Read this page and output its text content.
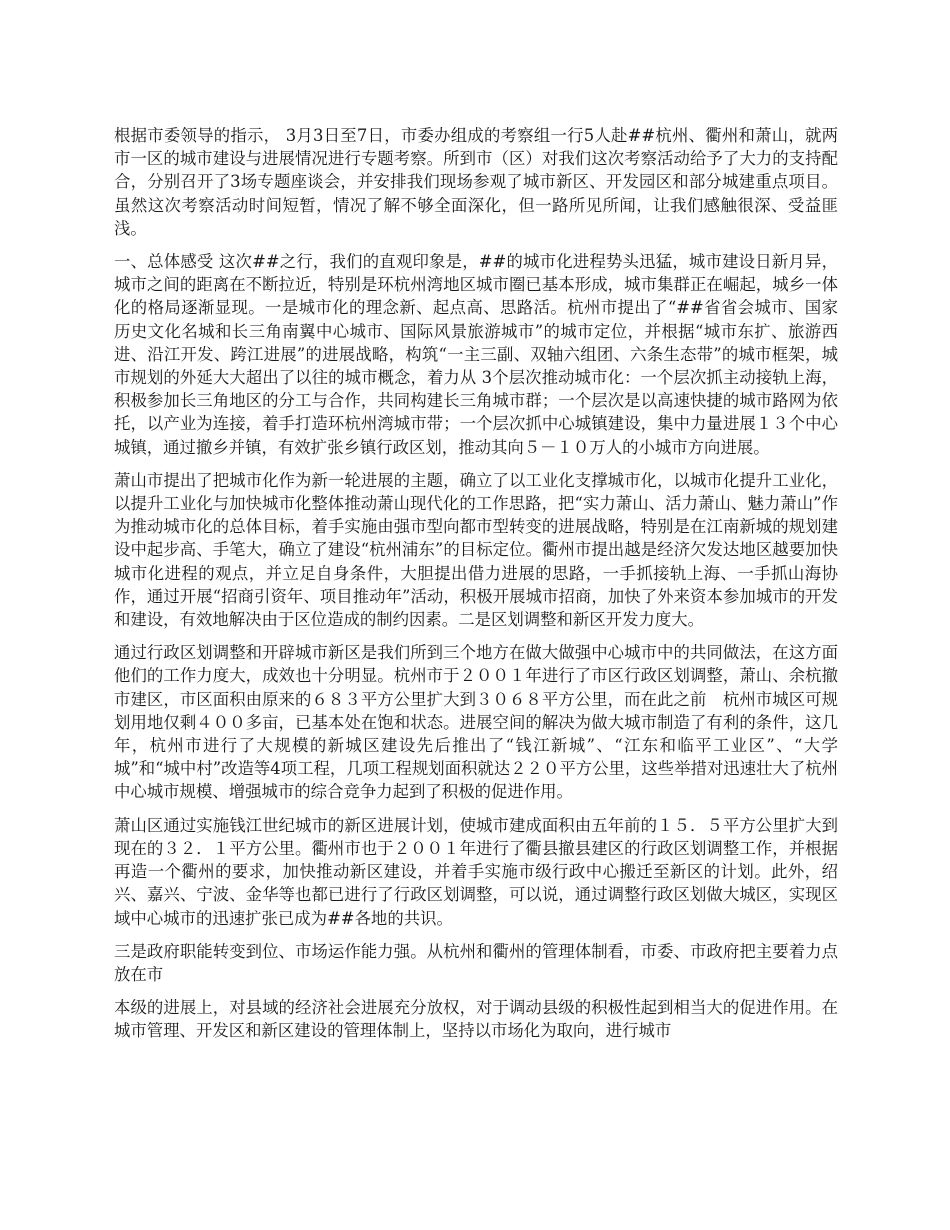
根据市委领导的指示， 3月3日至7日，市委办组成的考察组一行5人赴##杭州、衢州和萧山，就两市一区的城市建设与进展情况进行专题考察。所到市（区）对我们这次考察活动给予了大力的支持配合，分别召开了3场专题座谈会，并安排我们现场参观了城市新区、开发园区和部分城建重点项目。虽然这次考察活动时间短暂，情况了解不够全面深化，但一路所见所闻，让我们感触很深、受益匪浅。

一、总体感受 这次##之行，我们的直观印象是，##的城市化进程势头迅猛，城市建设日新月异，城市之间的距离在不断拉近，特别是环杭州湾地区城市圈已基本形成，城市集群正在崛起，城乡一体化的格局逐渐显现。一是城市化的理念新、起点高、思路活。杭州市提出了“##省省会城市、国家历史文化名城和长三角南翼中心城市、国际风景旅游城市”的城市定位，并根据“城市东扩、旅游西进、沿江开发、跨江进展”的进展战略，构筑“一主三副、双轴六组团、六条生态带”的城市框架，城市规划的外延大大超出了以往的城市概念，着力从 3个层次推动城市化：一个层次抓主动接轨上海，积极参加长三角地区的分工与合作，共同构建长三角城市群；一个层次是以高速快捷的城市路网为依托，以产业为连接，着手打造环杭州湾城市带；一个层次抓中心城镇建设，集中力量进展１３个中心城镇，通过撤乡并镇，有效扩张乡镇行政区划，推动其向５－１０万人的小城市方向进展。

萧山市提出了把城市化作为新一轮进展的主题，确立了以工业化支撑城市化，以城市化提升工业化，以提升工业化与加快城市化整体推动萧山现代化的工作思路，把“实力萧山、活力萧山、魅力萧山”作为推动城市化的总体目标，着手实施由强市型向都市型转变的进展战略，特别是在江南新城的规划建设中起步高、手笔大，确立了建设“杭州浦东”的目标定位。衢州市提出越是经济欠发达地区越要加快城市化进程的观点，并立足自身条件，大胆提出借力进展的思路，一手抓接轨上海、一手抓山海协作，通过开展“招商引资年、项目推动年”活动，积极开展城市招商，加快了外来资本参加城市的开发和建设，有效地解决由于区位造成的制约因素。二是区划调整和新区开发力度大。

通过行政区划调整和开辟城市新区是我们所到三个地方在做大做强中心城市中的共同做法，在这方面他们的工作力度大，成效也十分明显。杭州市于２００１年进行了市区行政区划调整，萧山、余杭撤市建区，市区面积由原来的６８３平方公里扩大到３０６８平方公里，而在此之前　杭州市城区可规划用地仅剩４００多亩，已基本处在饱和状态。进展空间的解决为做大城市制造了有利的条件，这几年，杭州市进行了大规模的新城区建设先后推出了“钱江新城”、“江东和临平工业区”、“大学城”和“城中村”改造等4项工程，几项工程规划面积就达２２０平方公里，这些举措对迅速壮大了杭州中心城市规模、增强城市的综合竞争力起到了积极的促进作用。

萧山区通过实施钱江世纪城市的新区进展计划，使城市建成面积由五年前的１５．５平方公里扩大到现在的３２．１平方公里。衢州市也于２００１年进行了衢县撤县建区的行政区划调整工作，并根据再造一个衢州的要求，加快推动新区建设，并着手实施市级行政中心搬迁至新区的计划。此外，绍兴、嘉兴、宁波、金华等也都已进行了行政区划调整，可以说，通过调整行政区划做大城区，实现区域中心城市的迅速扩张已成为##各地的共识。

三是政府职能转变到位、市场运作能力强。从杭州和衢州的管理体制看，市委、市政府把主要着力点放在市

本级的进展上，对县域的经济社会进展充分放权，对于调动县级的积极性起到相当大的促进作用。在城市管理、开发区和新区建设的管理体制上，坚持以市场化为取向，进行城市
